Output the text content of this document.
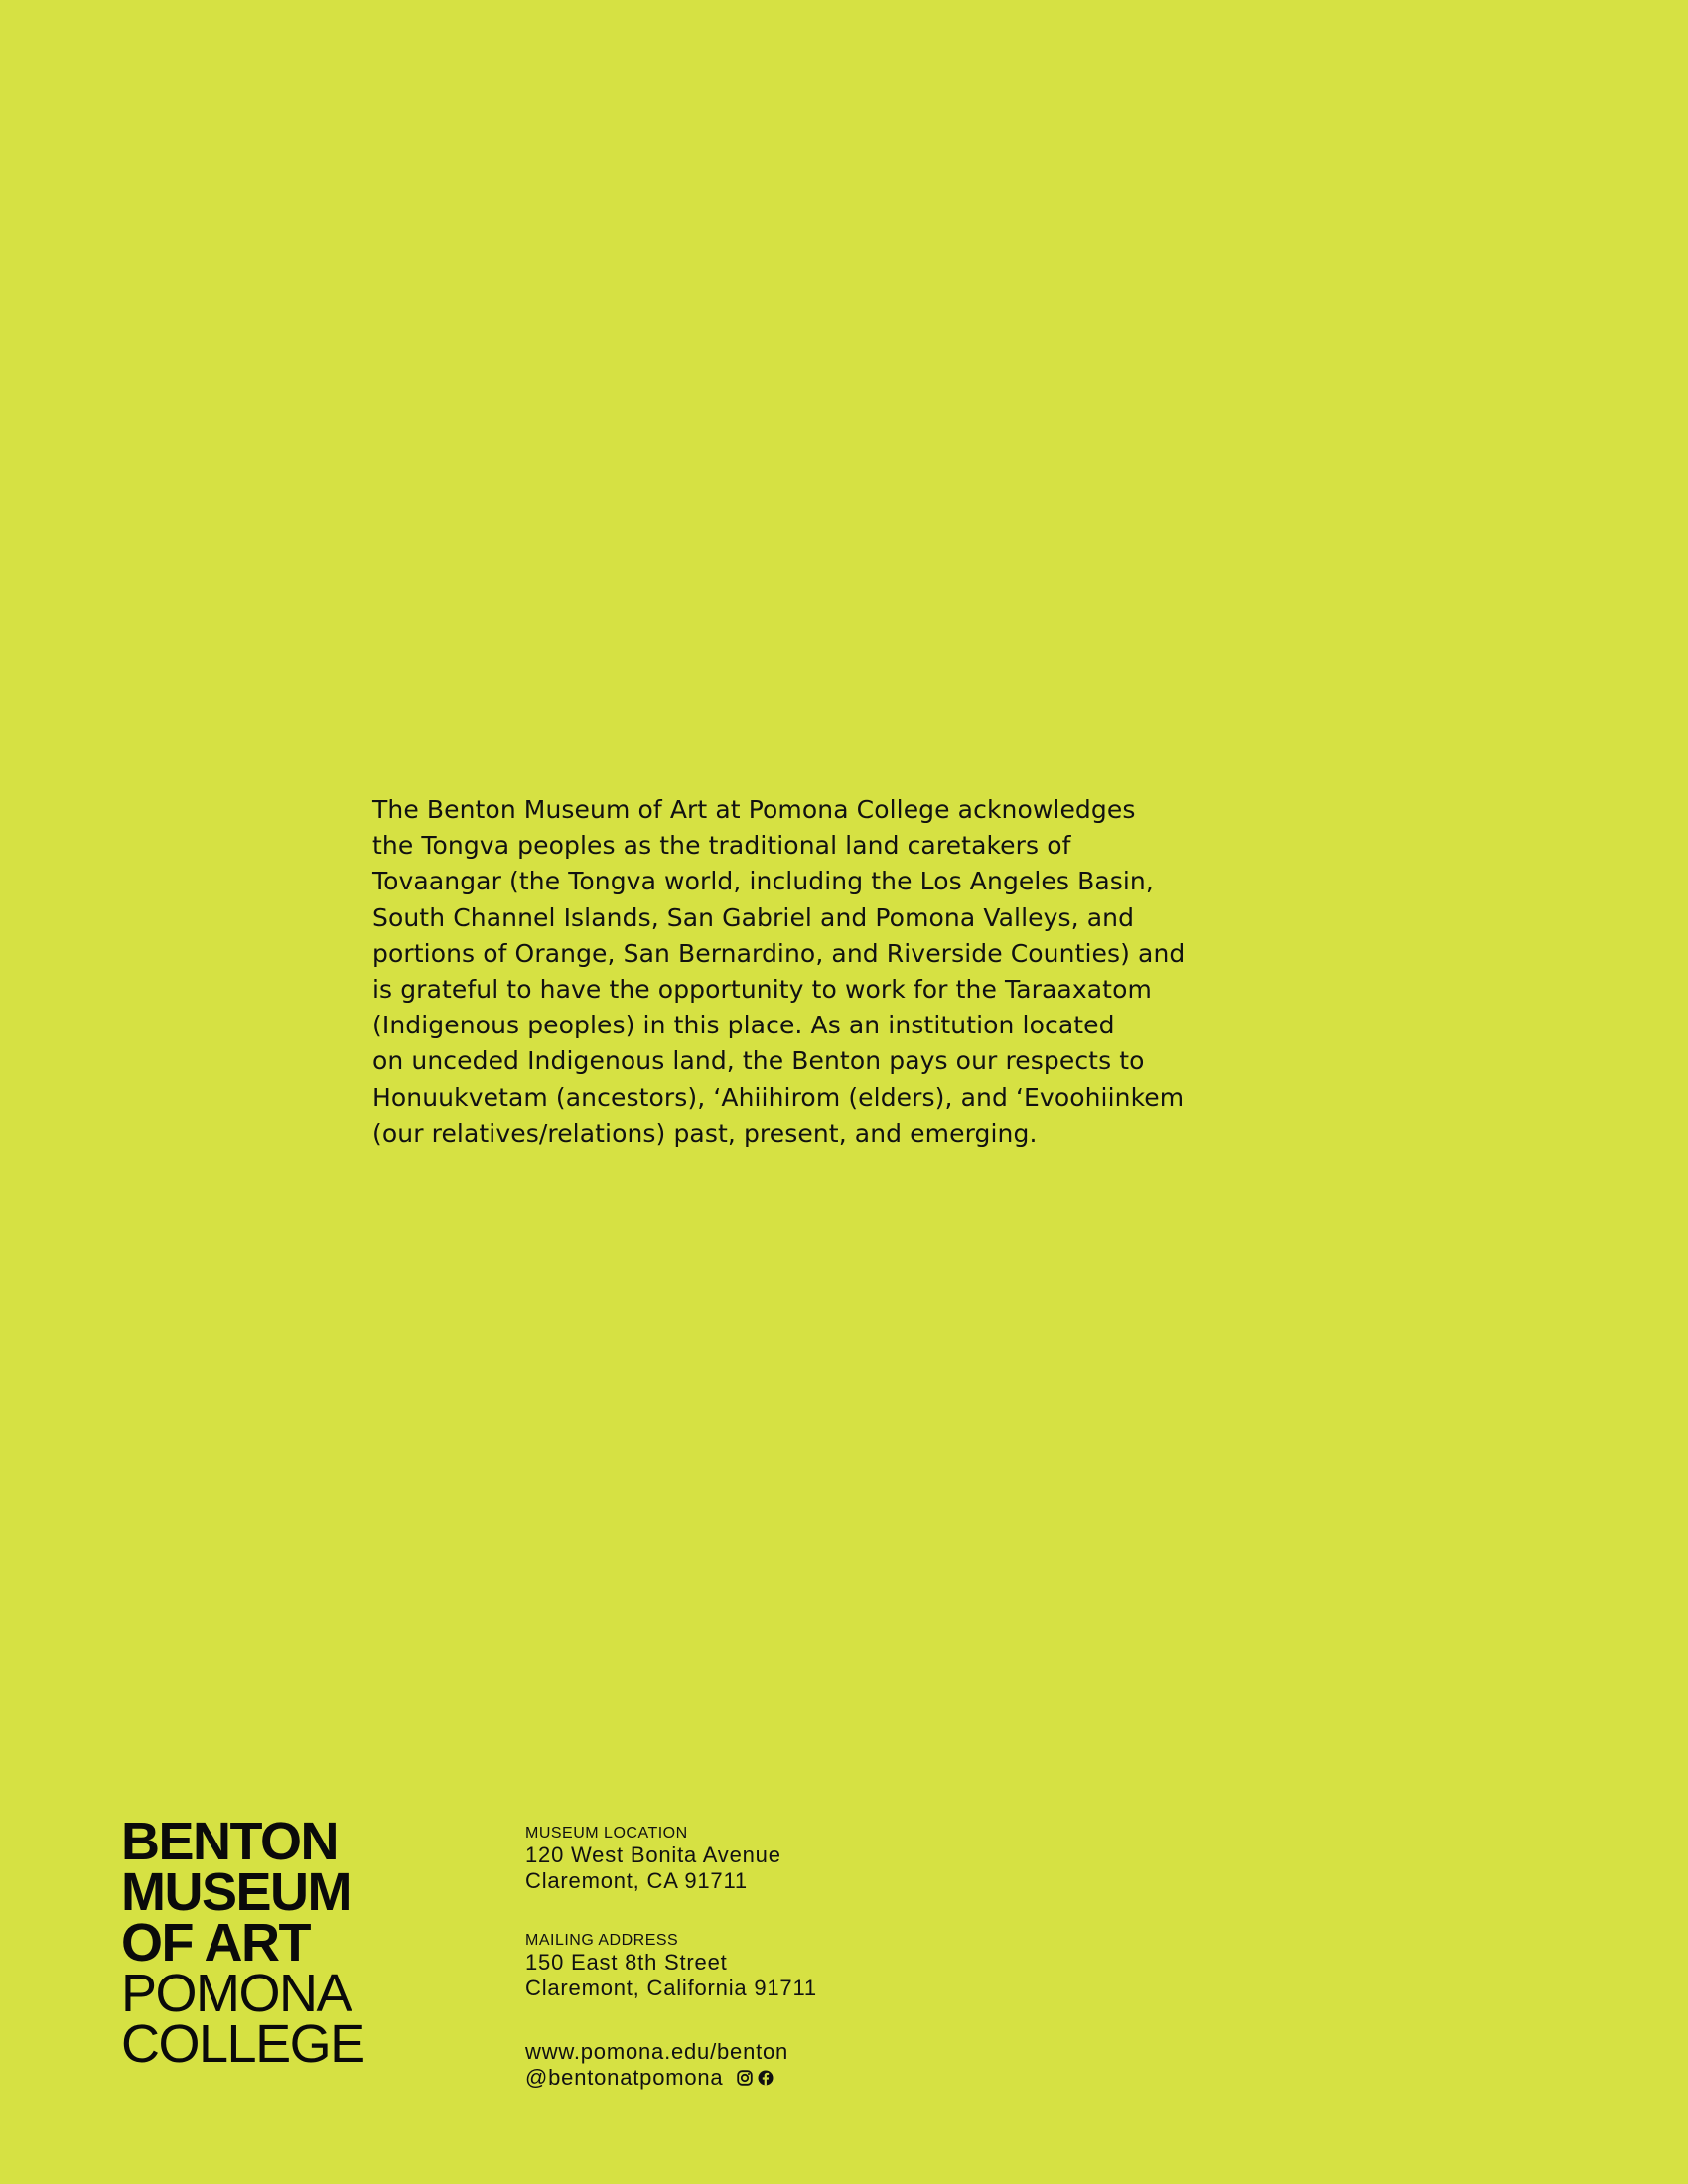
The Benton Museum of Art at Pomona College acknowledges
the Tongva peoples as the traditional land caretakers of
Tovaangar (the Tongva world, including the Los Angeles Basin,
South Channel Islands, San Gabriel and Pomona Valleys, and
portions of Orange, San Bernardino, and Riverside Counties) and
is grateful to have the opportunity to work for the Taraaxatom
(Indigenous peoples) in this place. As an institution located
on unceded Indigenous land, the Benton pays our respects to
Honuukvetam (ancestors), ‘Ahiihirom (elders), and ‘Evoohiinkem
(our relatives/relations) past, present, and emerging.
BENTON
MUSEUM
OF ART
POMONA
COLLEGE
MUSEUM LOCATION
120 West Bonita Avenue
Claremont, CA 91711
MAILING ADDRESS
150 East 8th Street
Claremont, California 91711
www.pomona.edu/benton
@bentonatpomona
